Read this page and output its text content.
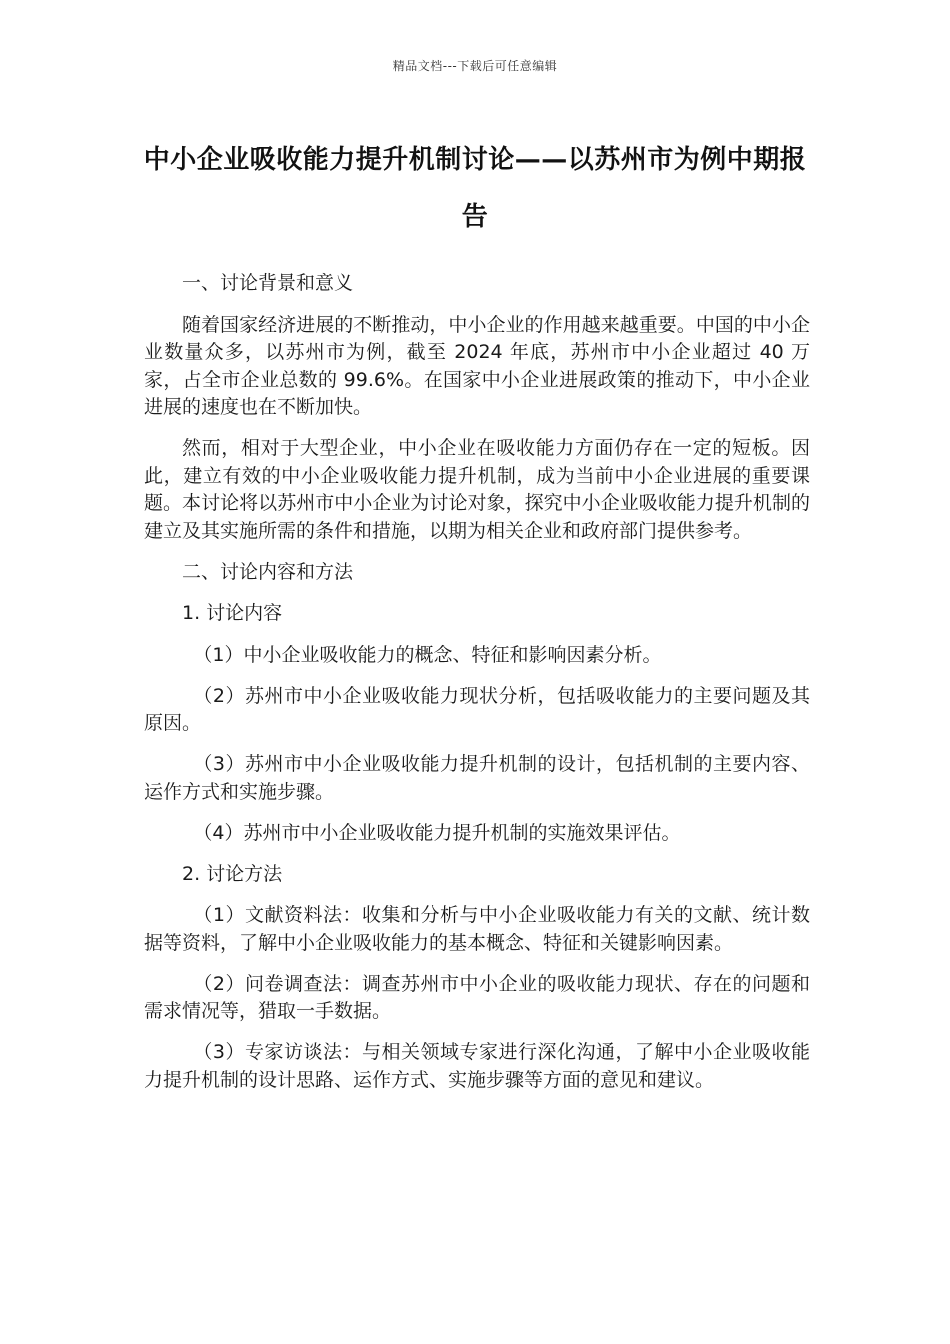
精品文档---下载后可任意编辑
中小企业吸收能力提升机制讨论——以苏州市为例中期报告

一、讨论背景和意义

随着国家经济进展的不断推动，中小企业的作用越来越重要。中国的中小企业数量众多，以苏州市为例，截至 2024 年底，苏州市中小企业超过 40 万家，占全市企业总数的 99.6%。在国家中小企业进展政策的推动下，中小企业进展的速度也在不断加快。

然而，相对于大型企业，中小企业在吸收能力方面仍存在一定的短板。因此，建立有效的中小企业吸收能力提升机制，成为当前中小企业进展的重要课题。本讨论将以苏州市中小企业为讨论对象，探究中小企业吸收能力提升机制的建立及其实施所需的条件和措施，以期为相关企业和政府部门提供参考。

二、讨论内容和方法

1. 讨论内容

（1）中小企业吸收能力的概念、特征和影响因素分析。

（2）苏州市中小企业吸收能力现状分析，包括吸收能力的主要问题及其原因。

（3）苏州市中小企业吸收能力提升机制的设计，包括机制的主要内容、运作方式和实施步骤。

（4）苏州市中小企业吸收能力提升机制的实施效果评估。

2. 讨论方法

（1）文献资料法：收集和分析与中小企业吸收能力有关的文献、统计数据等资料，了解中小企业吸收能力的基本概念、特征和关键影响因素。

（2）问卷调查法：调查苏州市中小企业的吸收能力现状、存在的问题和需求情况等，猎取一手数据。

（3）专家访谈法：与相关领域专家进行深化沟通，了解中小企业吸收能力提升机制的设计思路、运作方式、实施步骤等方面的意见和建议。
